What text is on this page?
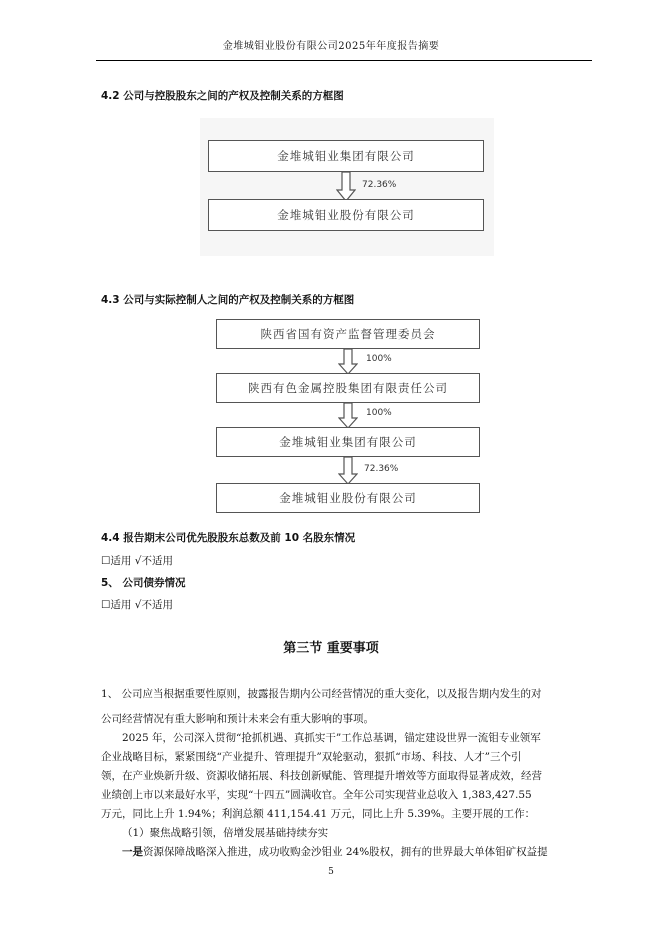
金堆城钼业股份有限公司2025年年度报告摘要
4.2 公司与控股股东之间的产权及控制关系的方框图
金堆城钼业集团有限公司
72.36%
金堆城钼业股份有限公司
4.3 公司与实际控制人之间的产权及控制关系的方框图
陕西省国有资产监督管理委员会
100%
陕西有色金属控股集团有限责任公司
100%
金堆城钼业集团有限公司
72.36%
金堆城钼业股份有限公司
4.4 报告期末公司优先股股东总数及前 10 名股东情况
☐适用 √不适用
5、 公司债券情况
☐适用 √不适用
第三节 重要事项
1、 公司应当根据重要性原则，披露报告期内公司经营情况的重大变化，以及报告期内发生的对
公司经营情况有重大影响和预计未来会有重大影响的事项。
2025 年，公司深入贯彻“抢抓机遇、真抓实干”工作总基调，锚定建设世界一流钼专业领军
企业战略目标，紧紧围绕“产业提升、管理提升”双轮驱动，狠抓“市场、科技、人才”三个引
领，在产业焕新升级、资源收储拓展、科技创新赋能、管理提升增效等方面取得显著成效，经营
业绩创上市以来最好水平，实现“十四五”圆满收官。全年公司实现营业总收入 1,383,427.55
万元，同比上升 1.94%；利润总额 411,154.41 万元，同比上升 5.39%。主要开展的工作：
（1）聚焦战略引领，倍增发展基础持续夯实
一是资源保障战略深入推进，成功收购金沙钼业 24%股权，拥有的世界最大单体钼矿权益提
5
